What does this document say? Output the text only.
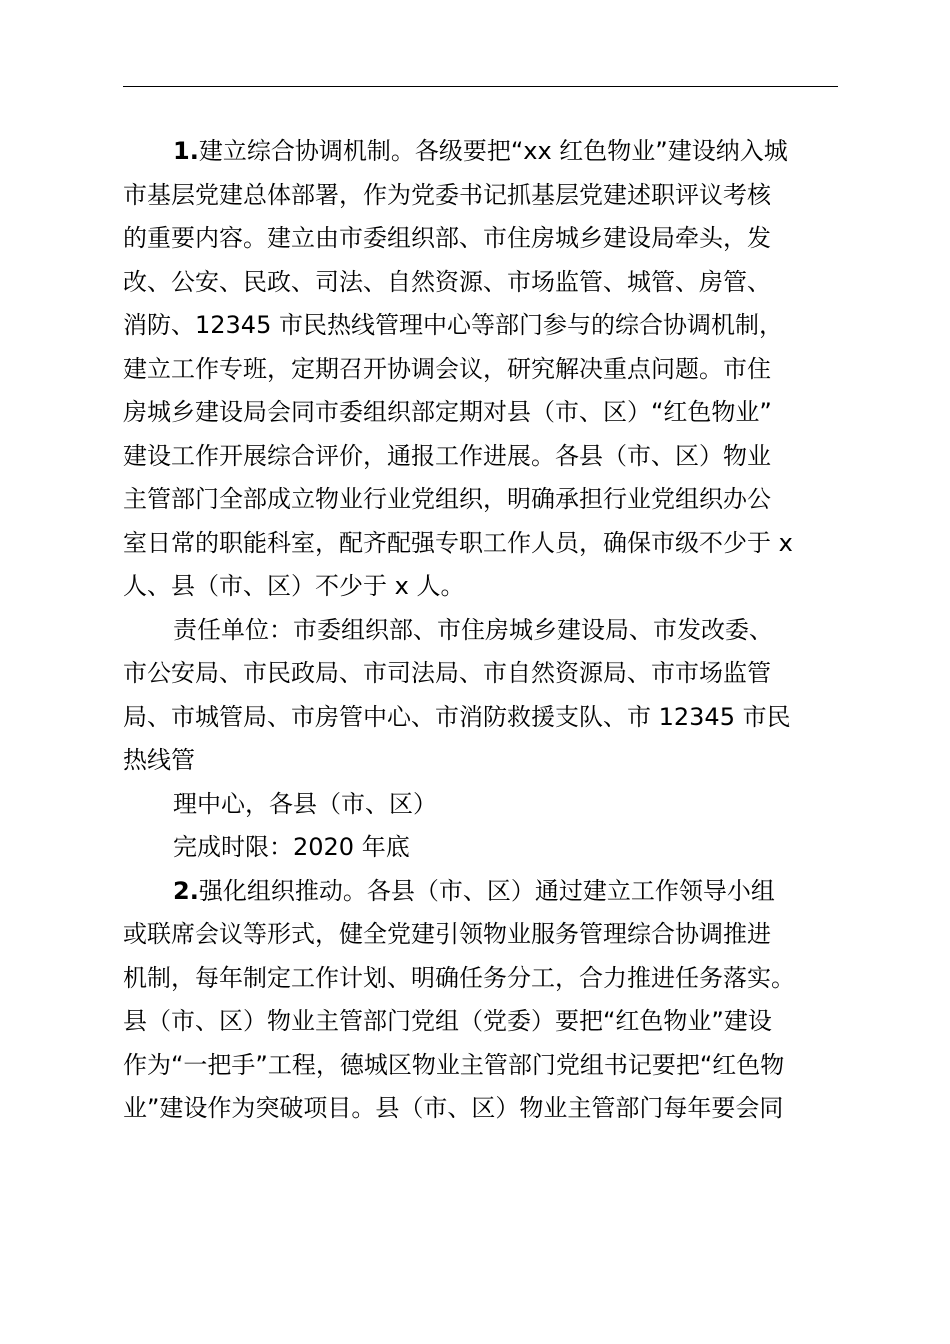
1.建立综合协调机制。各级要把“xx 红色物业”建设纳入城
市基层党建总体部署，作为党委书记抓基层党建述职评议考核
的重要内容。建立由市委组织部、市住房城乡建设局牵头，发
改、公安、民政、司法、自然资源、市场监管、城管、房管、
消防、12345 市民热线管理中心等部门参与的综合协调机制，
建立工作专班，定期召开协调会议，研究解决重点问题。市住
房城乡建设局会同市委组织部定期对县（市、区）“红色物业”
建设工作开展综合评价，通报工作进展。各县（市、区）物业
主管部门全部成立物业行业党组织，明确承担行业党组织办公
室日常的职能科室，配齐配强专职工作人员，确保市级不少于 x
人、县（市、区）不少于 x 人。

责任单位：市委组织部、市住房城乡建设局、市发改委、
市公安局、市民政局、市司法局、市自然资源局、市市场监管
局、市城管局、市房管中心、市消防救援支队、市 12345 市民
热线管

理中心，各县（市、区）

完成时限：2020 年底

2.强化组织推动。各县（市、区）通过建立工作领导小组
或联席会议等形式，健全党建引领物业服务管理综合协调推进
机制，每年制定工作计划、明确任务分工，合力推进任务落实。
县（市、区）物业主管部门党组（党委）要把“红色物业”建设
作为“一把手”工程，德城区物业主管部门党组书记要把“红色物
业”建设作为突破项目。县（市、区）物业主管部门每年要会同
